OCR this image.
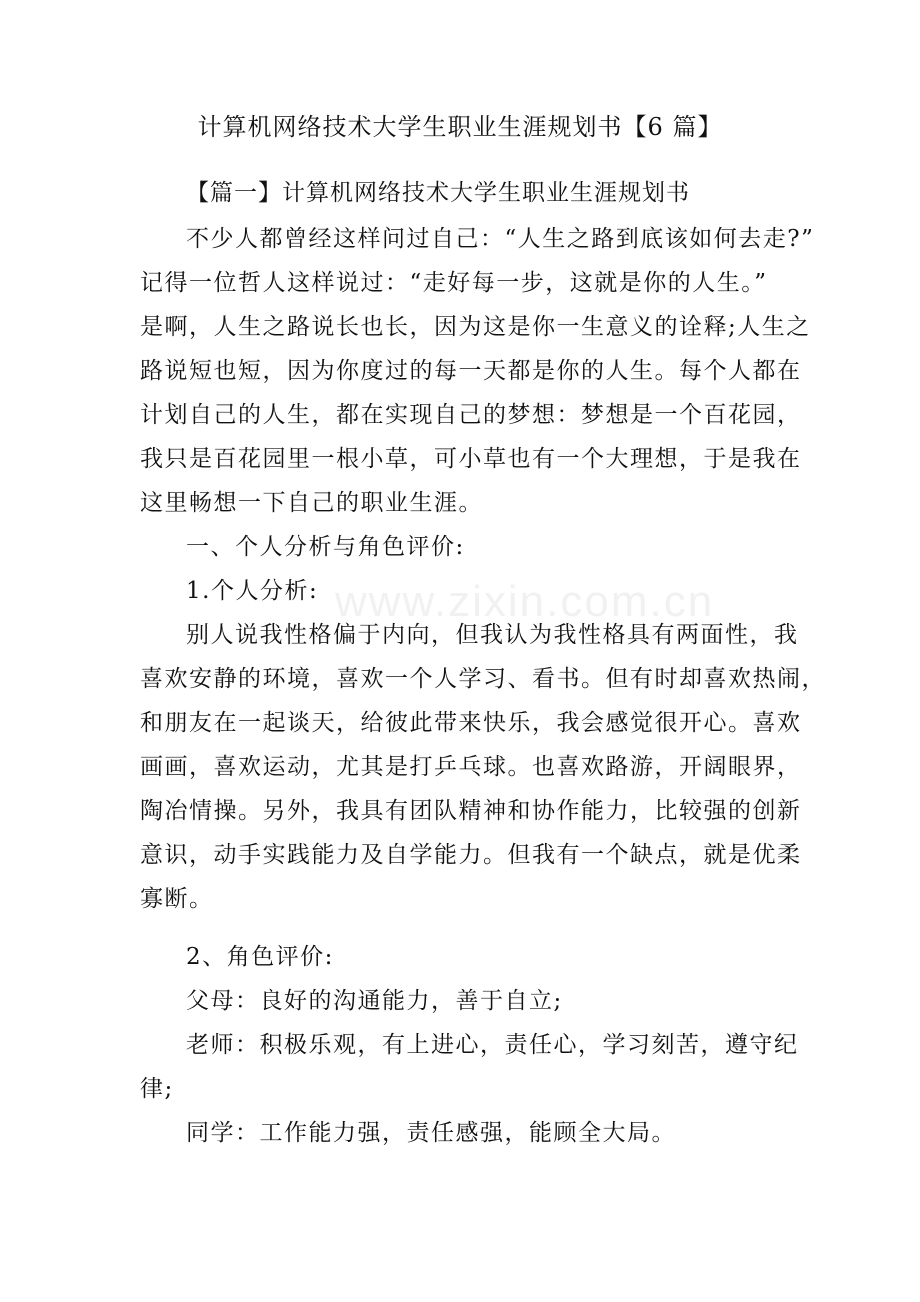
www.zixin.com.cn
计算机网络技术大学生职业生涯规划书【6 篇】
【篇一】计算机网络技术大学生职业生涯规划书
不少人都曾经这样问过自己：“人生之路到底该如何去走?”
记得一位哲人这样说过：“走好每一步，这就是你的人生。”
是啊，人生之路说长也长，因为这是你一生意义的诠释;人生之
路说短也短，因为你度过的每一天都是你的人生。每个人都在
计划自己的人生，都在实现自己的梦想：梦想是一个百花园，
我只是百花园里一根小草，可小草也有一个大理想，于是我在
这里畅想一下自己的职业生涯。
一、个人分析与角色评价:
1.个人分析:
别人说我性格偏于内向，但我认为我性格具有两面性，我
喜欢安静的环境，喜欢一个人学习、看书。但有时却喜欢热闹，
和朋友在一起谈天，给彼此带来快乐，我会感觉很开心。喜欢
画画，喜欢运动，尤其是打乒乓球。也喜欢路游，开阔眼界，
陶冶情操。另外，我具有团队精神和协作能力，比较强的创新
意识，动手实践能力及自学能力。但我有一个缺点，就是优柔
寡断。
2、角色评价:
父母：良好的沟通能力，善于自立;
老师：积极乐观，有上进心，责任心，学习刻苦，遵守纪
律;
同学：工作能力强，责任感强，能顾全大局。
